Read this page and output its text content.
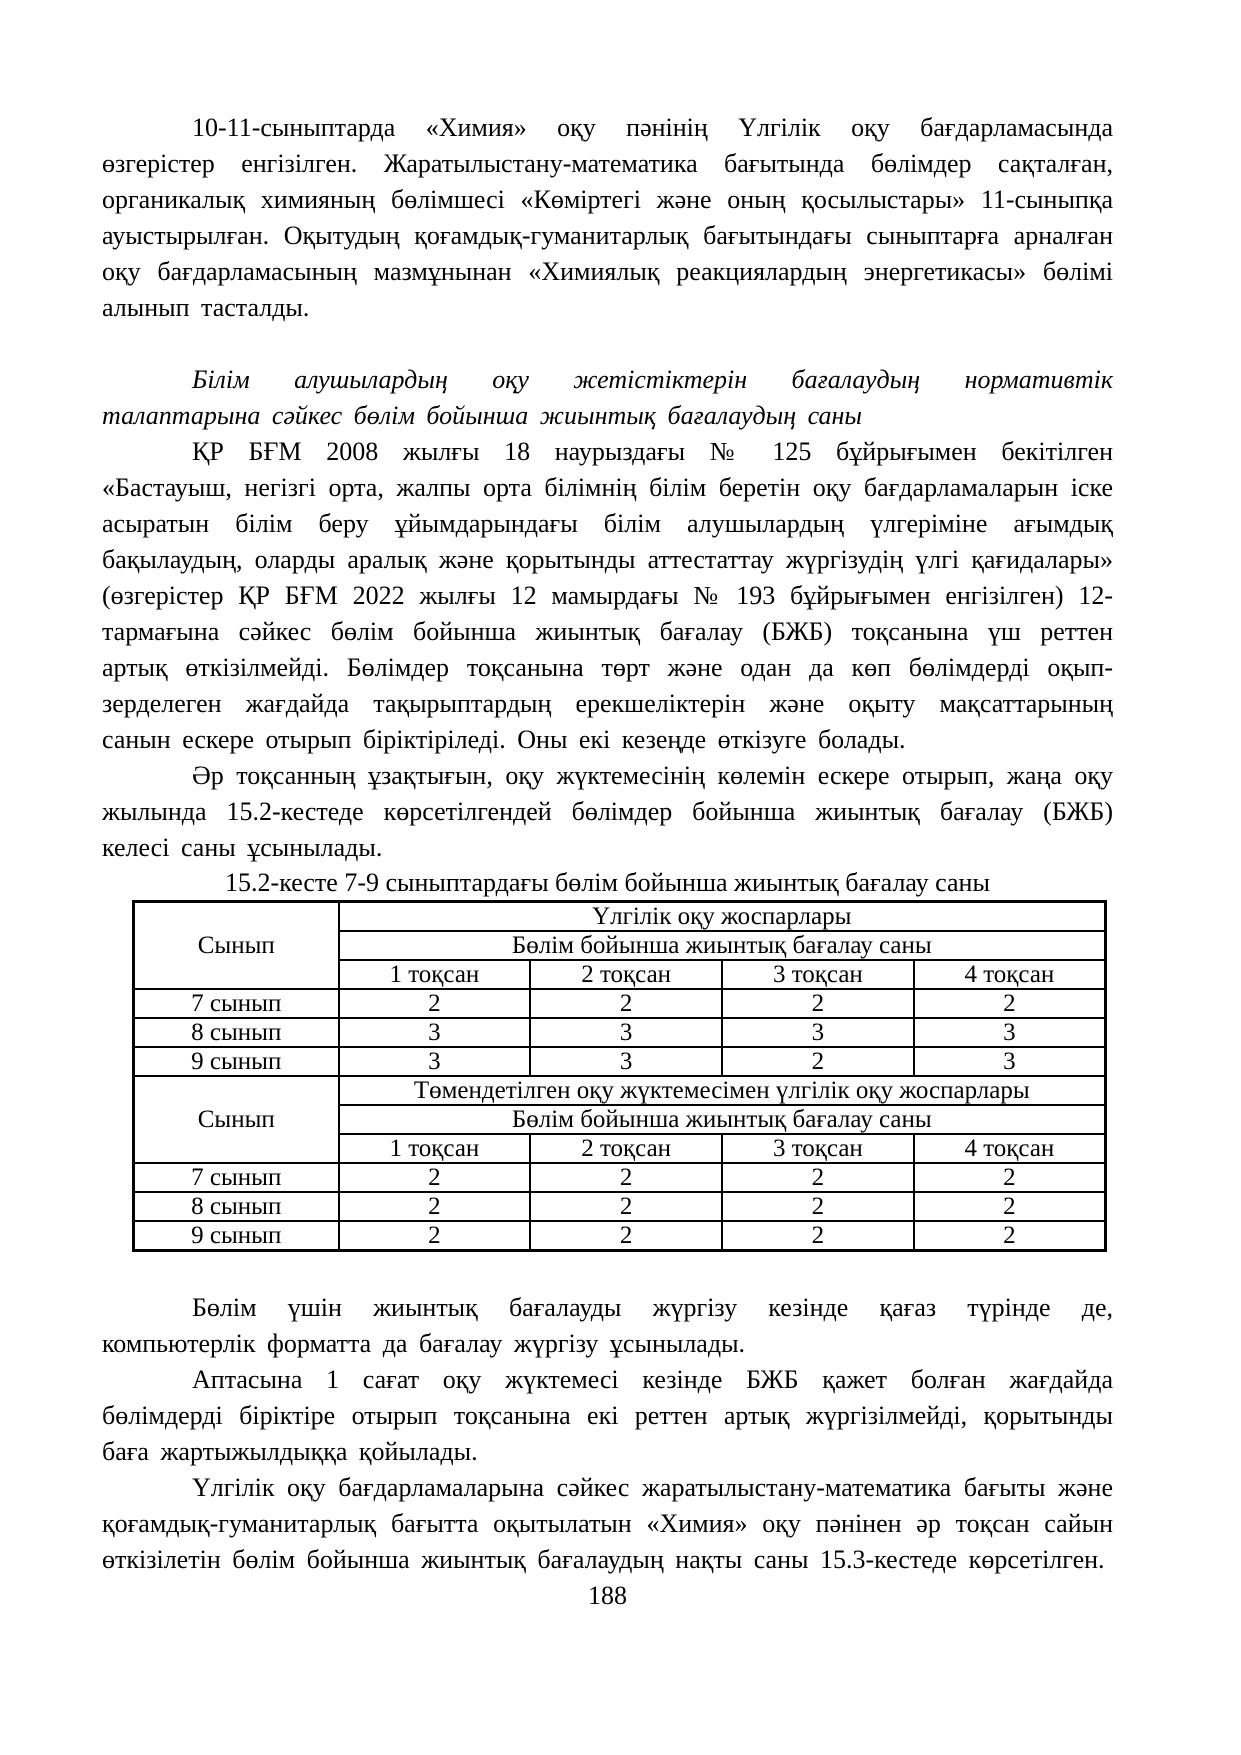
10-11-сыныптарда «Химия» оқу пәнінің Үлгілік оқу бағдарламасында өзгерістер енгізілген. Жаратылыстану-математика бағытында бөлімдер сақталған, органикалық химияның бөлімшесі «Көміртегі және оның қосылыстары» 11-сыныпқа ауыстырылған. Оқытудың қоғамдық-гуманитарлық бағытындағы сыныптарға арналған оқу бағдарламасының мазмұнынан «Химиялық реакциялардың энергетикасы» бөлімі алынып тасталды.

Білім алушылардың оқу жетістіктерін бағалаудың нормативтік талаптарына сәйкес бөлім бойынша жиынтық бағалаудың саны

ҚР БҒМ 2008 жылғы 18 наурыздағы № 125 бұйрығымен бекітілген «Бастауыш, негізгі орта, жалпы орта білімнің білім беретін оқу бағдарламаларын іске асыратын білім беру ұйымдарындағы білім алушылардың үлгеріміне ағымдық бақылаудың, оларды аралық және қорытынды аттестаттау жүргізудің үлгі қағидалары» (өзгерістер ҚР БҒМ 2022 жылғы 12 мамырдағы № 193 бұйрығымен енгізілген) 12-тармағына сәйкес бөлім бойынша жиынтық бағалау (БЖБ) тоқсанына үш реттен артық өткізілмейді. Бөлімдер тоқсанына төрт және одан да көп бөлімдерді оқып-зерделеген жағдайда тақырыптардың ерекшеліктерін және оқыту мақсаттарының санын ескере отырып біріктіріледі. Оны екі кезеңде өткізуге болады.

Әр тоқсанның ұзақтығын, оқу жүктемесінің көлемін ескере отырып, жаңа оқу жылында 15.2-кестеде көрсетілгендей бөлімдер бойынша жиынтық бағалау (БЖБ) келесі саны ұсынылады.

15.2-кесте 7-9 сыныптардағы бөлім бойынша жиынтық бағалау саны

Сынып	Үлгілік оқу жоспарлары			
	Бөлім бойынша жиынтық бағалау саны			
	1 тоқсан	2 тоқсан	3 тоқсан	4 тоқсан
7 сынып	2	2	2	2
8 сынып	3	3	3	3
9 сынып	3	3	2	3
Сынып	Төмендетілген оқу жүктемесімен үлгілік оқу жоспарлары			
	Бөлім бойынша жиынтық бағалау саны			
	1 тоқсан	2 тоқсан	3 тоқсан	4 тоқсан
7 сынып	2	2	2	2
8 сынып	2	2	2	2
9 сынып	2	2	2	2

Бөлім үшін жиынтық бағалауды жүргізу кезінде қағаз түрінде де, компьютерлік форматта да бағалау жүргізу ұсынылады.

Аптасына 1 сағат оқу жүктемесі кезінде БЖБ қажет болған жағдайда бөлімдерді біріктіре отырып тоқсанына екі реттен артық жүргізілмейді, қорытынды баға жартыжылдыққа қойылады.

Үлгілік оқу бағдарламаларына сәйкес жаратылыстану-математика бағыты және қоғамдық-гуманитарлық бағытта оқытылатын «Химия» оқу пәнінен әр тоқсан сайын өткізілетін бөлім бойынша жиынтық бағалаудың нақты саны 15.3-кестеде көрсетілген.

188
